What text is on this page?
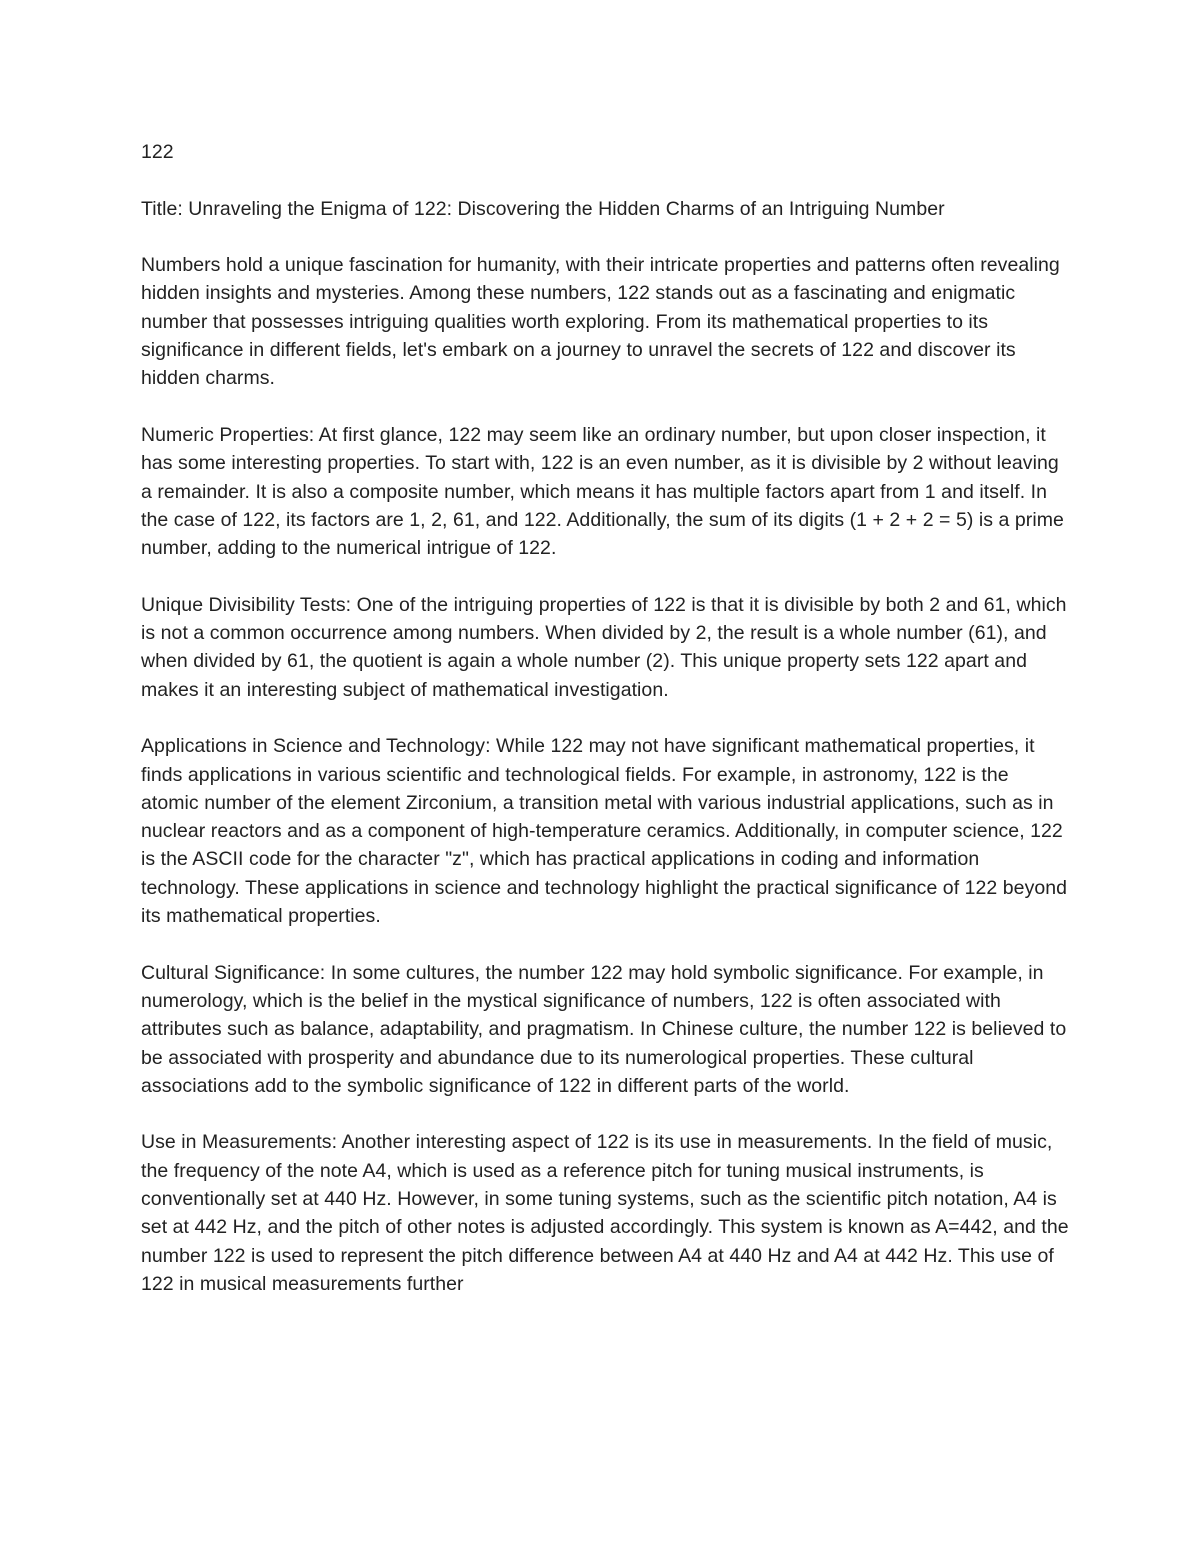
122

Title: Unraveling the Enigma of 122: Discovering the Hidden Charms of an Intriguing Number

Numbers hold a unique fascination for humanity, with their intricate properties and patterns often revealing hidden insights and mysteries. Among these numbers, 122 stands out as a fascinating and enigmatic number that possesses intriguing qualities worth exploring. From its mathematical properties to its significance in different fields, let's embark on a journey to unravel the secrets of 122 and discover its hidden charms.

Numeric Properties: At first glance, 122 may seem like an ordinary number, but upon closer inspection, it has some interesting properties. To start with, 122 is an even number, as it is divisible by 2 without leaving a remainder. It is also a composite number, which means it has multiple factors apart from 1 and itself. In the case of 122, its factors are 1, 2, 61, and 122. Additionally, the sum of its digits (1 + 2 + 2 = 5) is a prime number, adding to the numerical intrigue of 122.

Unique Divisibility Tests: One of the intriguing properties of 122 is that it is divisible by both 2 and 61, which is not a common occurrence among numbers. When divided by 2, the result is a whole number (61), and when divided by 61, the quotient is again a whole number (2). This unique property sets 122 apart and makes it an interesting subject of mathematical investigation.

Applications in Science and Technology: While 122 may not have significant mathematical properties, it finds applications in various scientific and technological fields. For example, in astronomy, 122 is the atomic number of the element Zirconium, a transition metal with various industrial applications, such as in nuclear reactors and as a component of high-temperature ceramics. Additionally, in computer science, 122 is the ASCII code for the character "z", which has practical applications in coding and information technology. These applications in science and technology highlight the practical significance of 122 beyond its mathematical properties.

Cultural Significance: In some cultures, the number 122 may hold symbolic significance. For example, in numerology, which is the belief in the mystical significance of numbers, 122 is often associated with attributes such as balance, adaptability, and pragmatism. In Chinese culture, the number 122 is believed to be associated with prosperity and abundance due to its numerological properties. These cultural associations add to the symbolic significance of 122 in different parts of the world.

Use in Measurements: Another interesting aspect of 122 is its use in measurements. In the field of music, the frequency of the note A4, which is used as a reference pitch for tuning musical instruments, is conventionally set at 440 Hz. However, in some tuning systems, such as the scientific pitch notation, A4 is set at 442 Hz, and the pitch of other notes is adjusted accordingly. This system is known as A=442, and the number 122 is used to represent the pitch difference between A4 at 440 Hz and A4 at 442 Hz. This use of 122 in musical measurements further
